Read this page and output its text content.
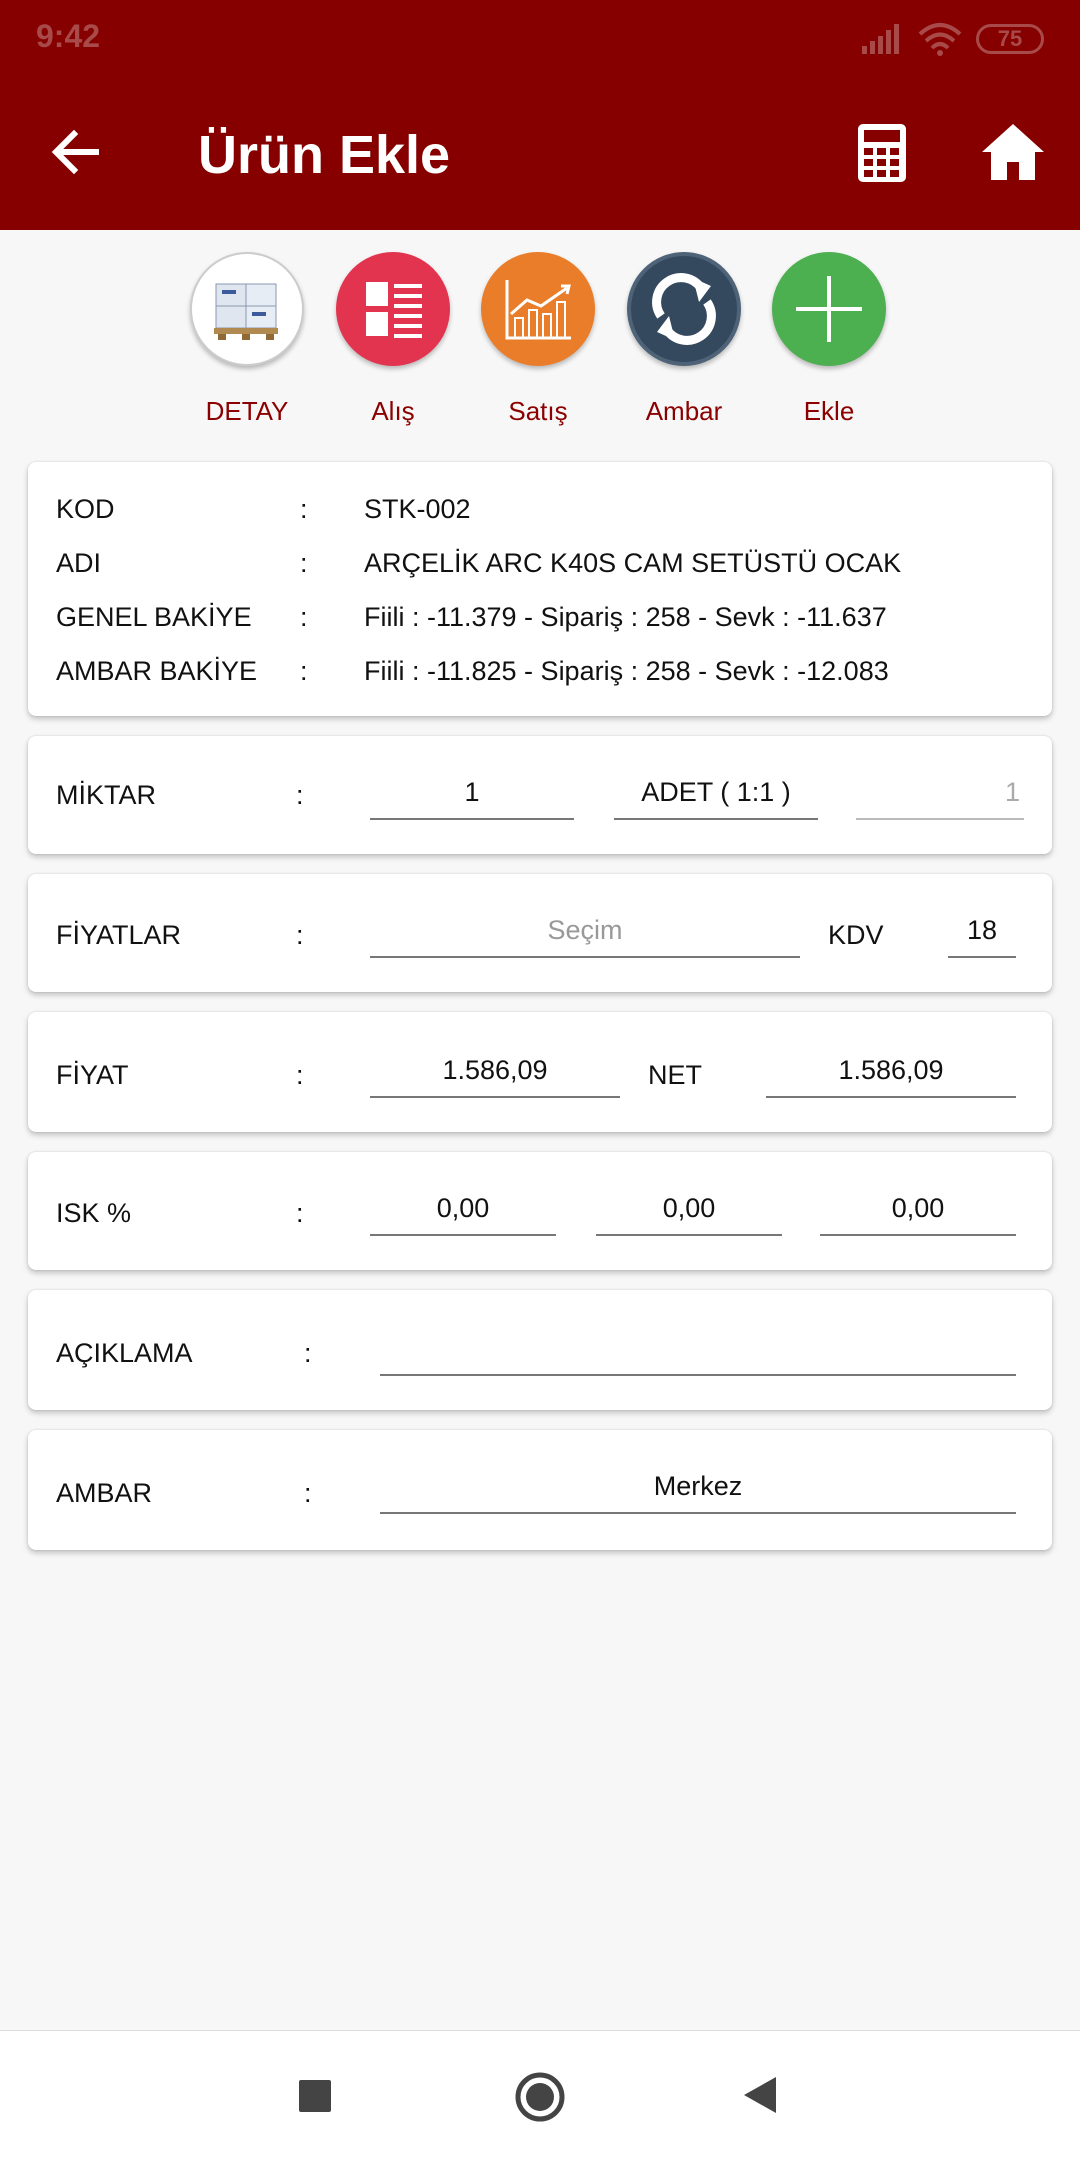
9:42	75
Ürün Ekle
DETAY	Alış	Satış	Ambar	Ekle
KOD	: STK-002
ADI	: ARÇELİK ARC K40S CAM SETÜSTÜ OCAK
GENEL BAKİYE : Fiili : -11.379 - Sipariş : 258 - Sevk : -11.637
AMBAR BAKİYE : Fiili : -11.825 - Sipariş : 258 - Sevk : -12.083
MİKTAR	:	1	ADET ( 1:1 )	1
FİYATLAR	:	Seçim	KDV	18
FİYAT	:	1.586,09	NET	1.586,09
ISK %	:	0,00	0,00	0,00
AÇIKLAMA	:
AMBAR	:	Merkez
